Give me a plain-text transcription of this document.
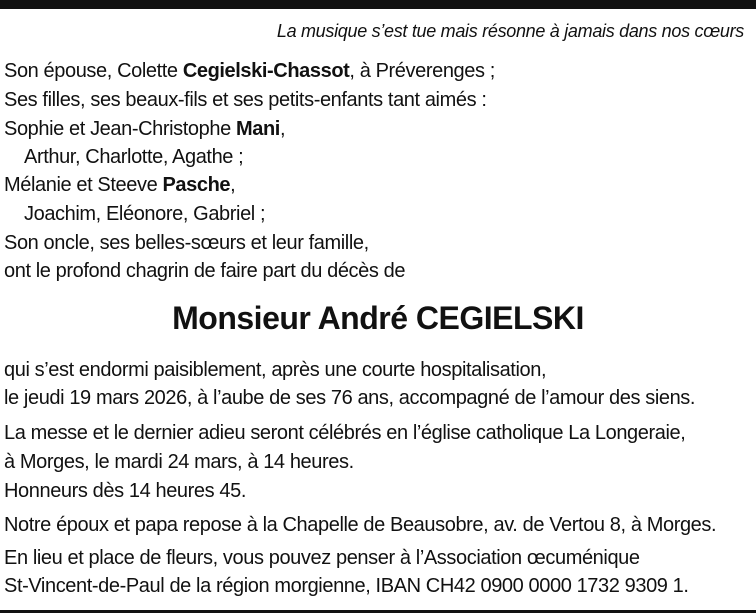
La musique s’est tue mais résonne à jamais dans nos cœurs
Son épouse, Colette Cegielski-Chassot, à Préverenges ;
Ses filles, ses beaux-fils et ses petits-enfants tant aimés :
Sophie et Jean-Christophe Mani,
Arthur, Charlotte, Agathe ;
Mélanie et Steeve Pasche,
Joachim, Eléonore, Gabriel ;
Son oncle, ses belles-sœurs et leur famille,
ont le profond chagrin de faire part du décès de
Monsieur André CEGIELSKI
qui s’est endormi paisiblement, après une courte hospitalisation,
le jeudi 19 mars 2026, à l’aube de ses 76 ans, accompagné de l’amour des siens.
La messe et le dernier adieu seront célébrés en l’église catholique La Longeraie,
à Morges, le mardi 24 mars, à 14 heures.
Honneurs dès 14 heures 45.
Notre époux et papa repose à la Chapelle de Beausobre, av. de Vertou 8, à Morges.
En lieu et place de fleurs, vous pouvez penser à l’Association œcuménique
St-Vincent-de-Paul de la région morgienne, IBAN CH42 0900 0000 1732 9309 1.
